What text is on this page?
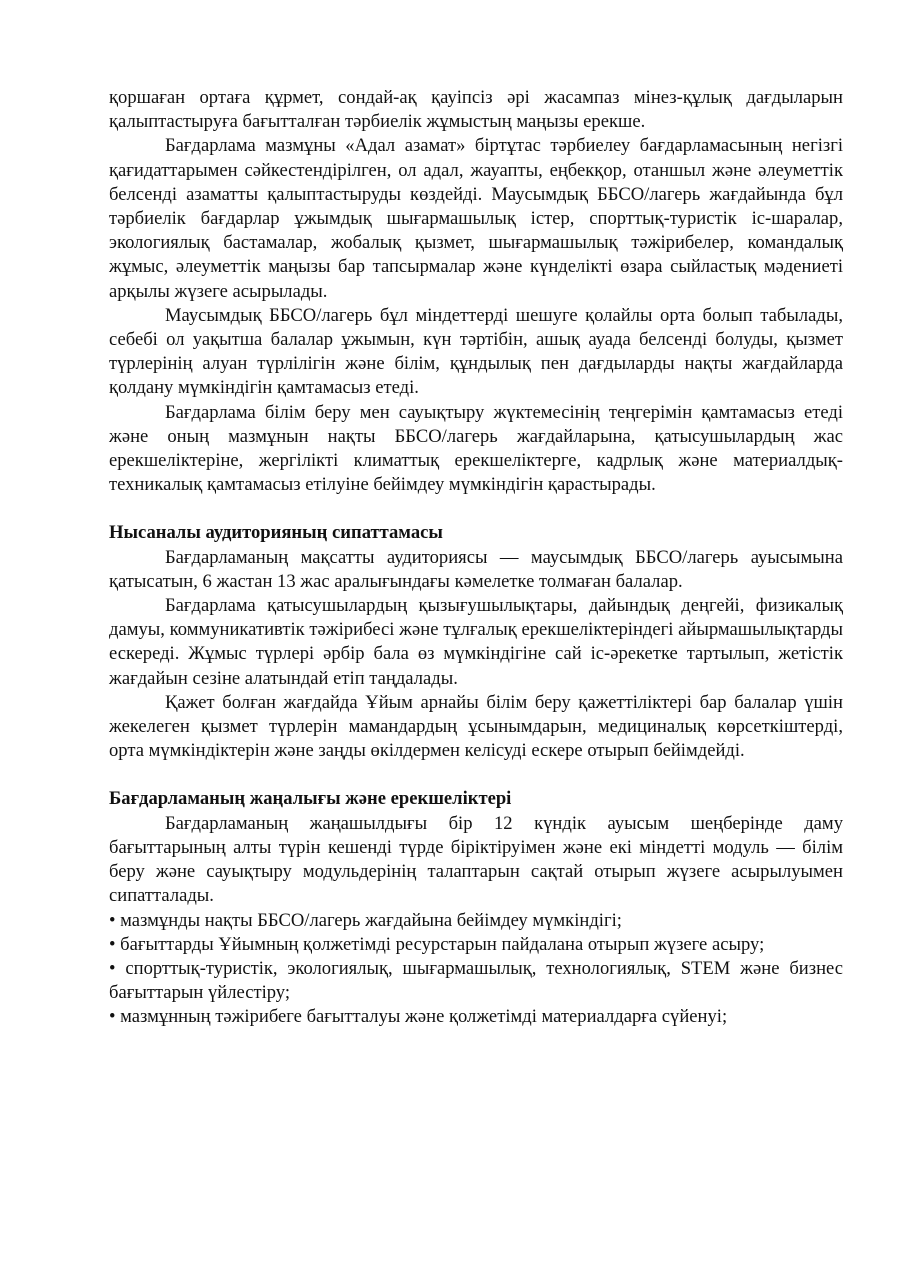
қоршаған ортаға құрмет, сондай-ақ қауіпсіз әрі жасампаз мінез-құлық дағдыларын қалыптастыруға бағытталған тәрбиелік жұмыстың маңызы ерекше.

Бағдарлама мазмұны «Адал азамат» біртұтас тәрбиелеу бағдарламасының негізгі қағидаттарымен сәйкестендірілген, ол адал, жауапты, еңбекқор, отаншыл және әлеуметтік белсенді азаматты қалыптастыруды көздейді. Маусымдық ББСО/лагерь жағдайында бұл тәрбиелік бағдарлар ұжымдық шығармашылық істер, спорттық-туристік іс-шаралар, экологиялық бастамалар, жобалық қызмет, шығармашылық тәжірибелер, командалық жұмыс, әлеуметтік маңызы бар тапсырмалар және күнделікті өзара сыйластық мәдениеті арқылы жүзеге асырылады.

Маусымдық ББСО/лагерь бұл міндеттерді шешуге қолайлы орта болып табылады, себебі ол уақытша балалар ұжымын, күн тәртібін, ашық ауада белсенді болуды, қызмет түрлерінің алуан түрлілігін және білім, құндылық пен дағдыларды нақты жағдайларда қолдану мүмкіндігін қамтамасыз етеді.

Бағдарлама білім беру мен сауықтыру жүктемесінің теңгерімін қамтамасыз етеді және оның мазмұнын нақты ББСО/лагерь жағдайларына, қатысушылардың жас ерекшеліктеріне, жергілікті климаттық ерекшеліктерге, кадрлық және материалдық-техникалық қамтамасыз етілуіне бейімдеу мүмкіндігін қарастырады.

Нысаналы аудиторияның сипаттамасы

Бағдарламаның мақсатты аудиториясы — маусымдық ББСО/лагерь ауысымына қатысатын, 6 жастан 13 жас аралығындағы кәмелетке толмаған балалар.

Бағдарлама қатысушылардың қызығушылықтары, дайындық деңгейі, физикалық дамуы, коммуникативтік тәжірибесі және тұлғалық ерекшеліктеріндегі айырмашылықтарды ескереді. Жұмыс түрлері әрбір бала өз мүмкіндігіне сай іс-әрекетке тартылып, жетістік жағдайын сезіне алатындай етіп таңдалады.

Қажет болған жағдайда Ұйым арнайы білім беру қажеттіліктері бар балалар үшін жекелеген қызмет түрлерін мамандардың ұсынымдарын, медициналық көрсеткіштерді, орта мүмкіндіктерін және заңды өкілдермен келісуді ескере отырып бейімдейді.

Бағдарламаның жаңалығы және ерекшеліктері

Бағдарламаның жаңашылдығы бір 12 күндік ауысым шеңберінде даму бағыттарының алты түрін кешенді түрде біріктіруімен және екі міндетті модуль — білім беру және сауықтыру модульдерінің талаптарын сақтай отырып жүзеге асырылуымен сипатталады.

• мазмұнды нақты ББСО/лагерь жағдайына бейімдеу мүмкіндігі;

• бағыттарды Ұйымның қолжетімді ресурстарын пайдалана отырып жүзеге асыру;

• спорттық-туристік, экологиялық, шығармашылық, технологиялық, STEM және бизнес бағыттарын үйлестіру;

• мазмұнның тәжірибеге бағытталуы және қолжетімді материалдарға сүйенуі;
